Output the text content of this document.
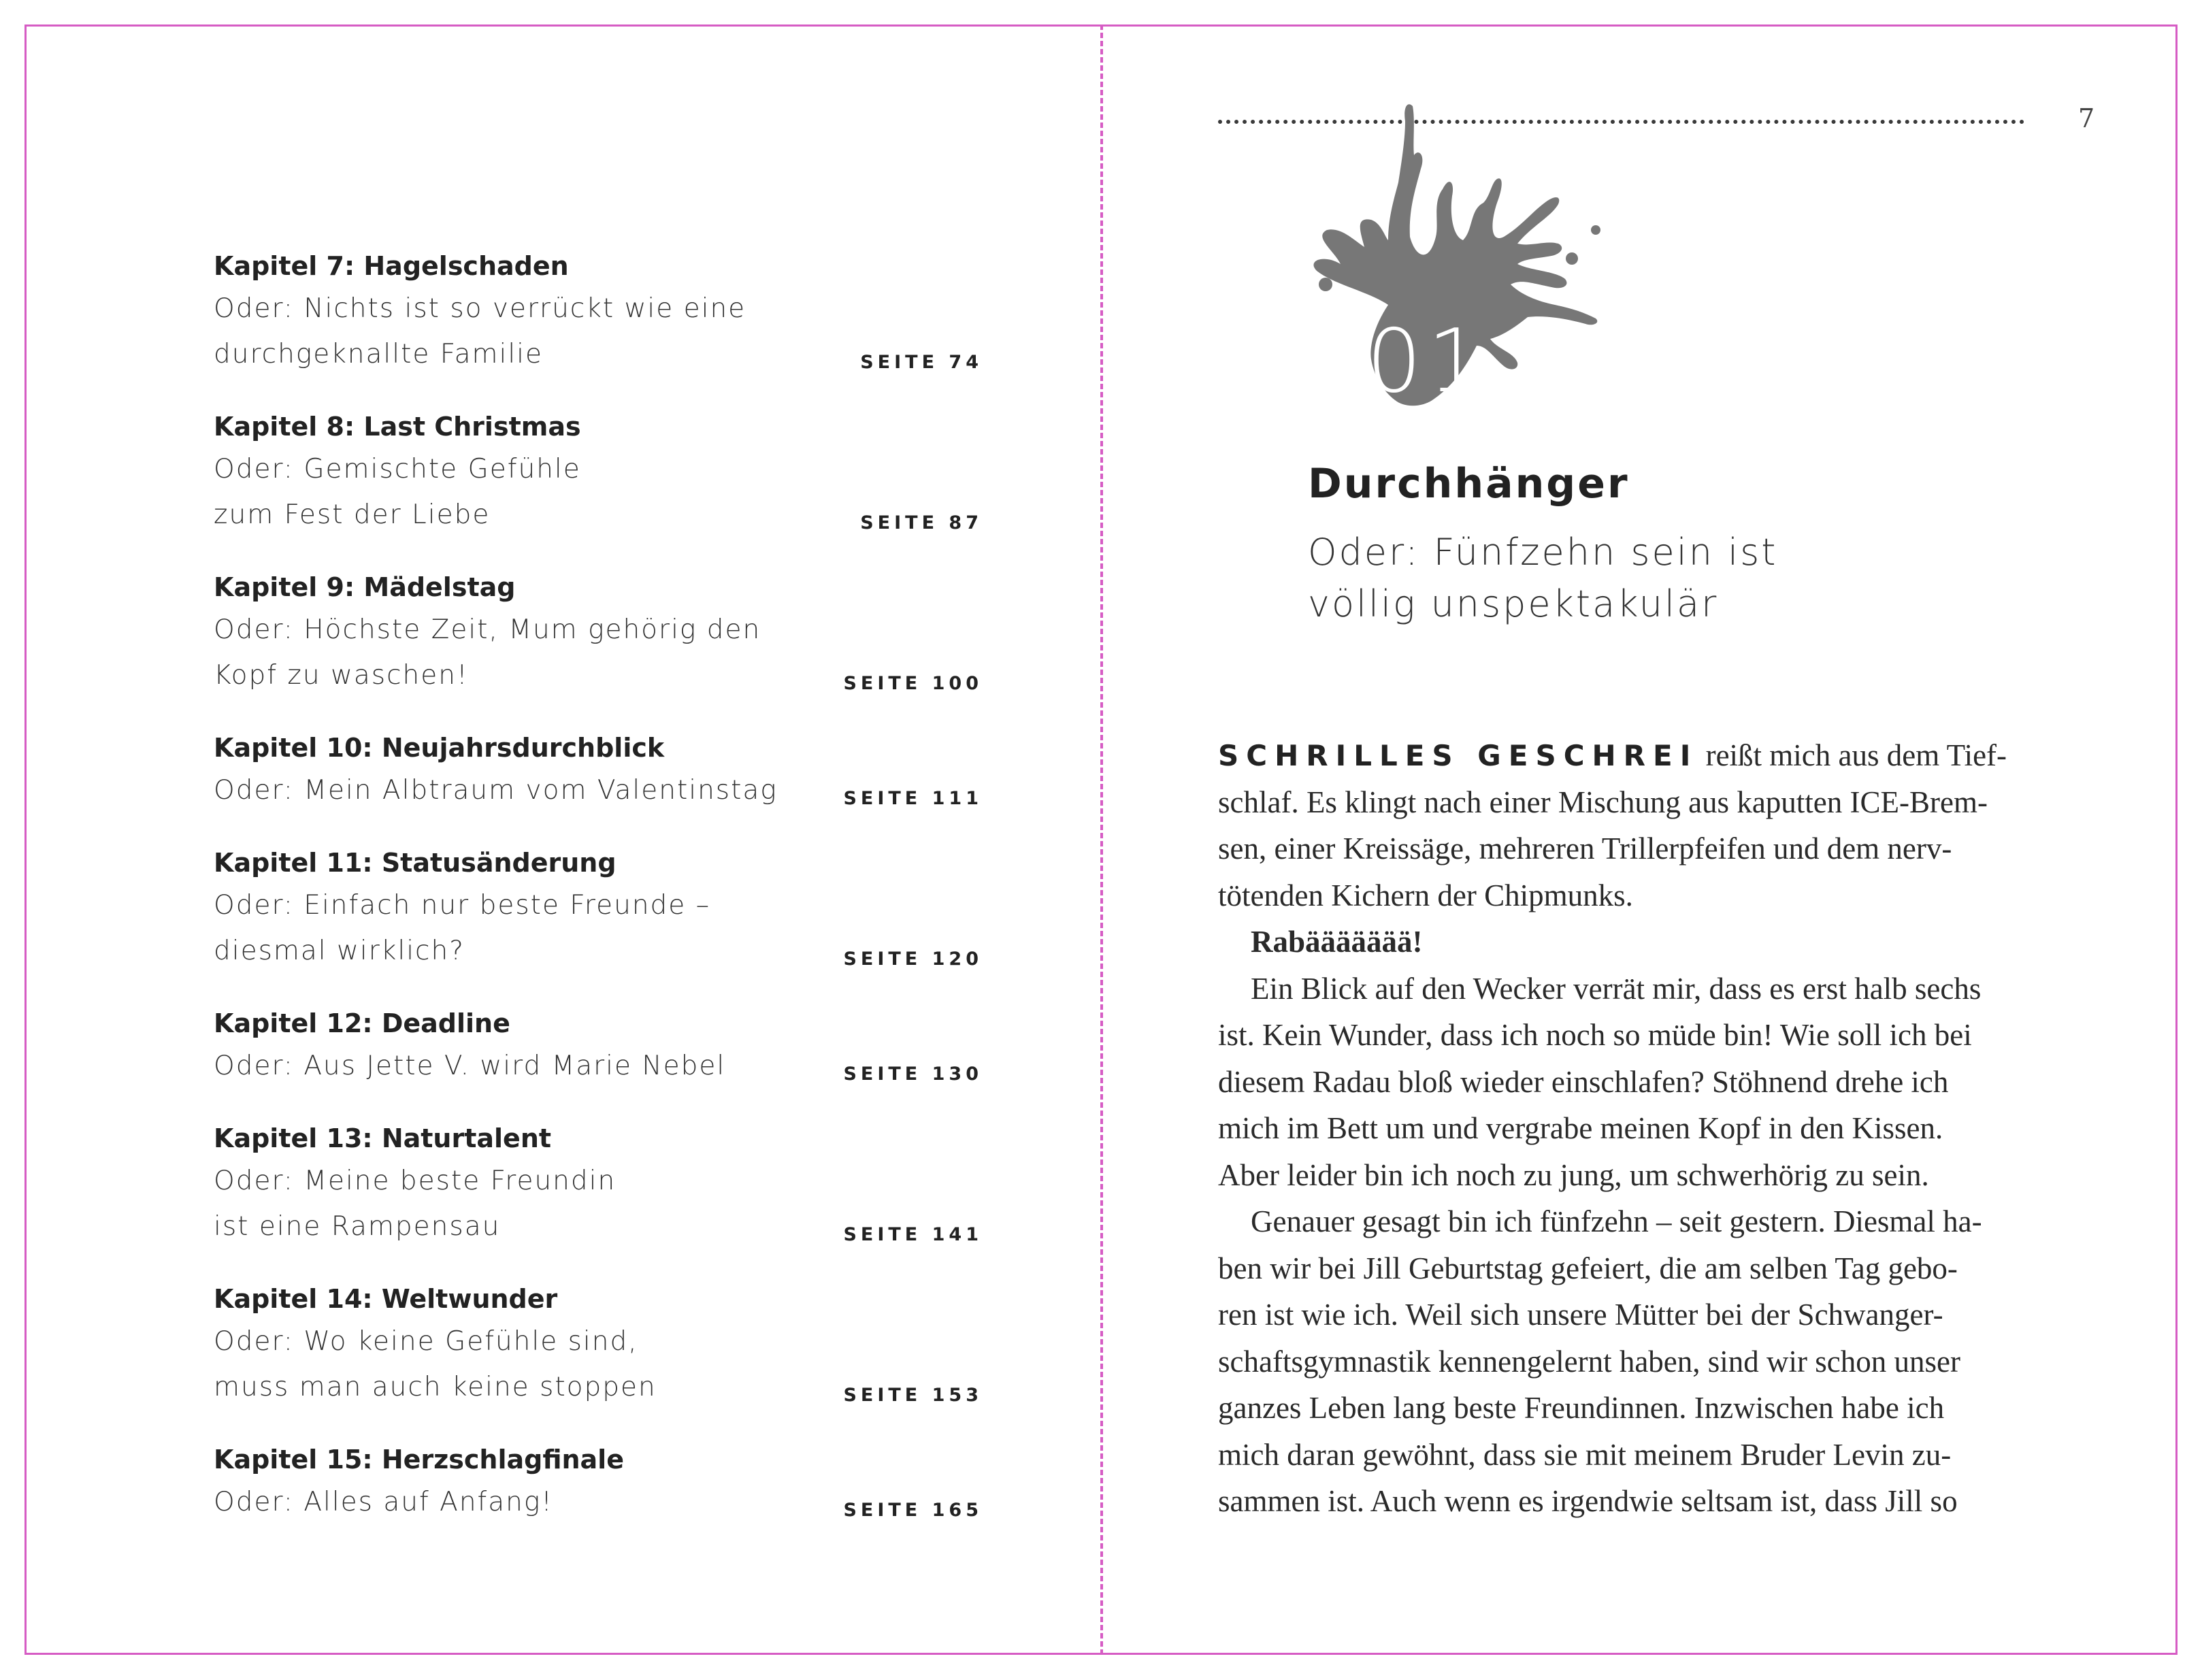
Kapitel 7: Hagelschaden
Oder: Nichts ist so verrückt wie eine
durchgeknallte Familie	SEITE 74
Kapitel 8: Last Christmas
Oder: Gemischte Gefühle
zum Fest der Liebe	SEITE 87
Kapitel 9: Mädelstag
Oder: Höchste Zeit, Mum gehörig den
Kopf zu waschen!	SEITE 100
Kapitel 10: Neujahrsdurchblick
Oder: Mein Albtraum vom Valentinstag	SEITE 111
Kapitel 11: Statusänderung
Oder: Einfach nur beste Freunde –
diesmal wirklich?	SEITE 120
Kapitel 12: Deadline
Oder: Aus Jette V. wird Marie Nebel	SEITE 130
Kapitel 13: Naturtalent
Oder: Meine beste Freundin
ist eine Rampensau	SEITE 141
Kapitel 14: Weltwunder
Oder: Wo keine Gefühle sind,
muss man auch keine stoppen	SEITE 153
Kapitel 15: Herzschlagfinale
Oder: Alles auf Anfang!	SEITE 165
7
01
Durchhänger
Oder: Fünfzehn sein ist
völlig unspektakulär
SCHRILLES GESCHREI reißt mich aus dem Tief-
schlaf. Es klingt nach einer Mischung aus kaputten ICE-Brem-
sen, einer Kreissäge, mehreren Trillerpfeifen und dem nerv-
tötenden Kichern der Chipmunks.
Rabäääääää!
Ein Blick auf den Wecker verrät mir, dass es erst halb sechs
ist. Kein Wunder, dass ich noch so müde bin! Wie soll ich bei
diesem Radau bloß wieder einschlafen? Stöhnend drehe ich
mich im Bett um und vergrabe meinen Kopf in den Kissen.
Aber leider bin ich noch zu jung, um schwerhörig zu sein.
Genauer gesagt bin ich fünfzehn – seit gestern. Diesmal ha-
ben wir bei Jill Geburtstag gefeiert, die am selben Tag gebo-
ren ist wie ich. Weil sich unsere Mütter bei der Schwanger-
schaftsgymnastik kennengelernt haben, sind wir schon unser
ganzes Leben lang beste Freundinnen. Inzwischen habe ich
mich daran gewöhnt, dass sie mit meinem Bruder Levin zu-
sammen ist. Auch wenn es irgendwie seltsam ist, dass Jill so
